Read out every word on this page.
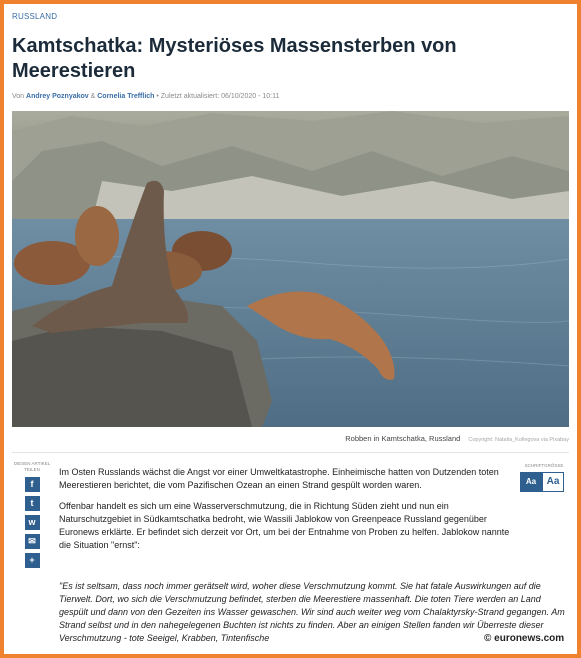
RUSSLAND
Kamtschatka: Mysteriöses Massensterben von Meerestieren
Von Andrey Poznyakov & Cornelia Trefflich • Zuletzt aktualisiert: 06/10/2020 - 10:11
Robben in Kamtschatka, Russland Copyright: Natalia_Kollegova via Pixabay
DIESEN ARTIKEL TEILEN
f
t
w
✉
+
SCHRIFTGRÖSSE
Aa	Aa

Im Osten Russlands wächst die Angst vor einer Umweltkatastrophe. Einheimische hatten von Dutzenden toten Meerestieren berichtet, die vom Pazifischen Ozean an einen Strand gespült worden waren.

Offenbar handelt es sich um eine Wasserverschmutzung, die in Richtung Süden zieht und nun ein Naturschutzgebiet in Südkamtschatka bedroht, wie Wassili Jablokow von Greenpeace Russland gegenüber Euronews erklärte. Er befindet sich derzeit vor Ort, um bei der Entnahme von Proben zu helfen. Jablokow nannte die Situation "ernst":

"Es ist seltsam, dass noch immer gerätselt wird, woher diese Verschmutzung kommt. Sie hat fatale Auswirkungen auf die Tierwelt. Dort, wo sich die Verschmutzung befindet, sterben die Meerestiere massenhaft. Die toten Tiere werden an Land gespült und dann von den Gezeiten ins Wasser gewaschen. Wir sind auch weiter weg vom Chalaktyrsky-Strand gegangen. Am Strand selbst und in den nahegelegenen Buchten ist nichts zu finden. Aber an einigen Stellen fanden wir Überreste dieser Verschmutzung - tote Seeigel, Krabben, Tintenfische	© euronews.com
